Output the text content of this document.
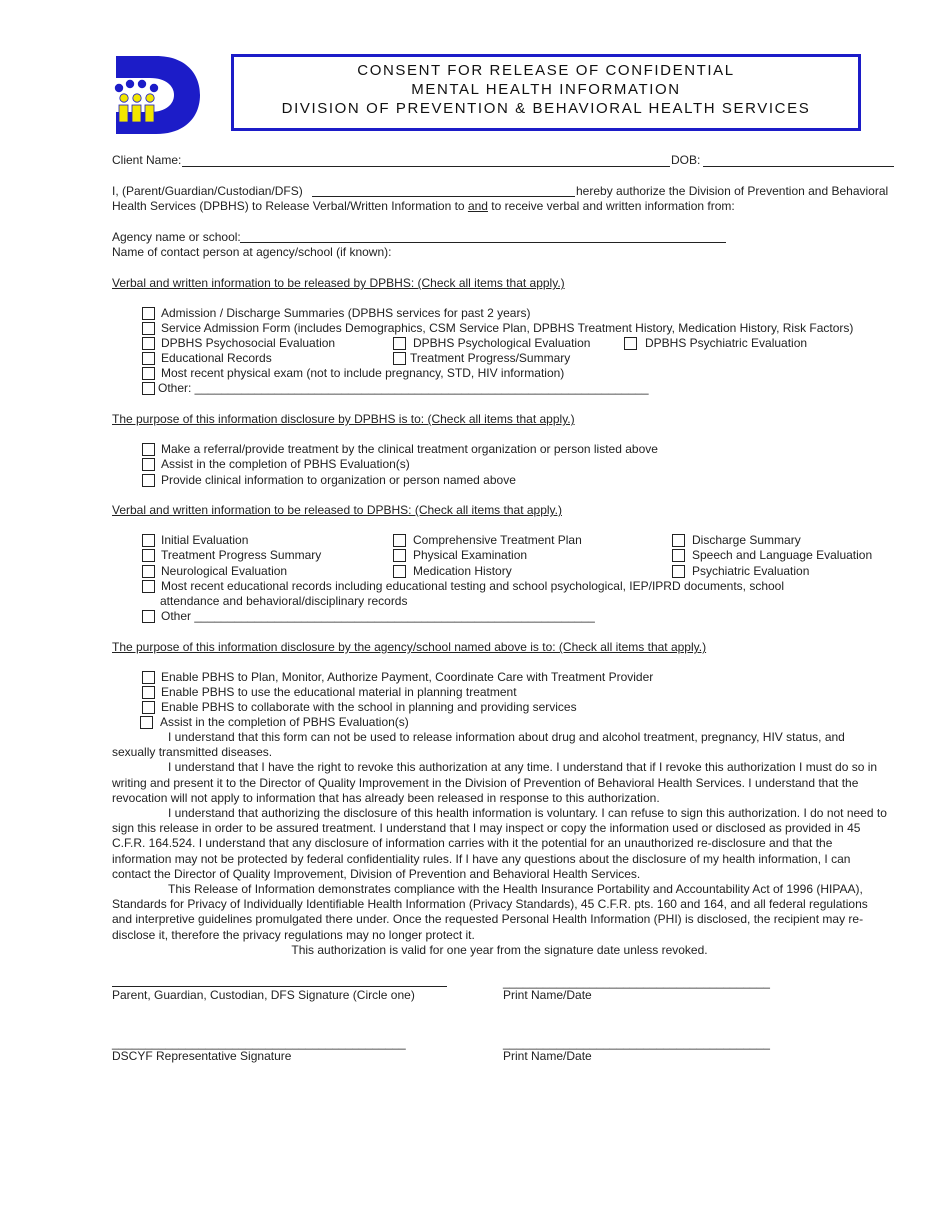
CONSENT FOR RELEASE OF CONFIDENTIAL
MENTAL HEALTH INFORMATION
DIVISION OF PREVENTION & BEHAVIORAL HEALTH SERVICES
Client Name:	DOB:
I, (Parent/Guardian/Custodian/DFS)	hereby authorize the Division of Prevention and Behavioral
Health Services (DPBHS) to Release Verbal/Written Information to and to receive verbal and written information from:
Agency name or school:
Name of contact person at agency/school (if known):
Verbal and written information to be released by DPBHS: (Check all items that apply.)
Admission / Discharge Summaries (DPBHS services for past 2 years)
Service Admission Form (includes Demographics, CSM Service Plan, DPBHS Treatment History, Medication History, Risk Factors)
DPBHS Psychosocial Evaluation	DPBHS Psychological Evaluation	DPBHS Psychiatric Evaluation
Educational Records	Treatment Progress/Summary
Most recent physical exam (not to include pregnancy, STD, HIV information)
Other: ____________________________________________________________________
The purpose of this information disclosure by DPBHS is to: (Check all items that apply.)
Make a referral/provide treatment by the clinical treatment organization or person listed above
Assist in the completion of PBHS Evaluation(s)
Provide clinical information to organization or person named above
Verbal and written information to be released to DPBHS: (Check all items that apply.)
Initial Evaluation	Comprehensive Treatment Plan	Discharge Summary
Treatment Progress Summary	Physical Examination	Speech and Language Evaluation
Neurological Evaluation	Medication History	Psychiatric Evaluation
Most recent educational records including educational testing and school psychological, IEP/IPRD documents, school
attendance and behavioral/disciplinary records
Other ____________________________________________________________
The purpose of this information disclosure by the agency/school named above is to: (Check all items that apply.)
Enable PBHS to Plan, Monitor, Authorize Payment, Coordinate Care with Treatment Provider
Enable PBHS to use the educational material in planning treatment
Enable PBHS to collaborate with the school in planning and providing services
Assist in the completion of PBHS Evaluation(s)

I understand that this form can not be used to release information about drug and alcohol treatment, pregnancy, HIV status, and sexually transmitted diseases.

I understand that I have the right to revoke this authorization at any time. I understand that if I revoke this authorization I must do so in writing and present it to the Director of Quality Improvement in the Division of Prevention of Behavioral Health Services. I understand that the revocation will not apply to information that has already been released in response to this authorization.

I understand that authorizing the disclosure of this health information is voluntary. I can refuse to sign this authorization. I do not need to sign this release in order to be assured treatment. I understand that I may inspect or copy the information used or disclosed as provided in 45 C.F.R. 164.524. I understand that any disclosure of information carries with it the potential for an unauthorized re-disclosure and that the information may not be protected by federal confidentiality rules. If I have any questions about the disclosure of my health information, I can contact the Director of Quality Improvement, Division of Prevention and Behavioral Health Services.

This Release of Information demonstrates compliance with the Health Insurance Portability and Accountability Act of 1996 (HIPAA), Standards for Privacy of Individually Identifiable Health Information (Privacy Standards), 45 C.F.R. pts. 160 and 164, and all federal regulations and interpretive guidelines promulgated there under. Once the requested Personal Health Information (PHI) is disclosed, the recipient may re-disclose it, therefore the privacy regulations may no longer protect it.

This authorization is valid for one year from the signature date unless revoked.
________________________________________
Parent, Guardian, Custodian, DFS Signature (Circle one)	Print Name/Date
____________________________________________	________________________________________
DSCYF Representative Signature	Print Name/Date
